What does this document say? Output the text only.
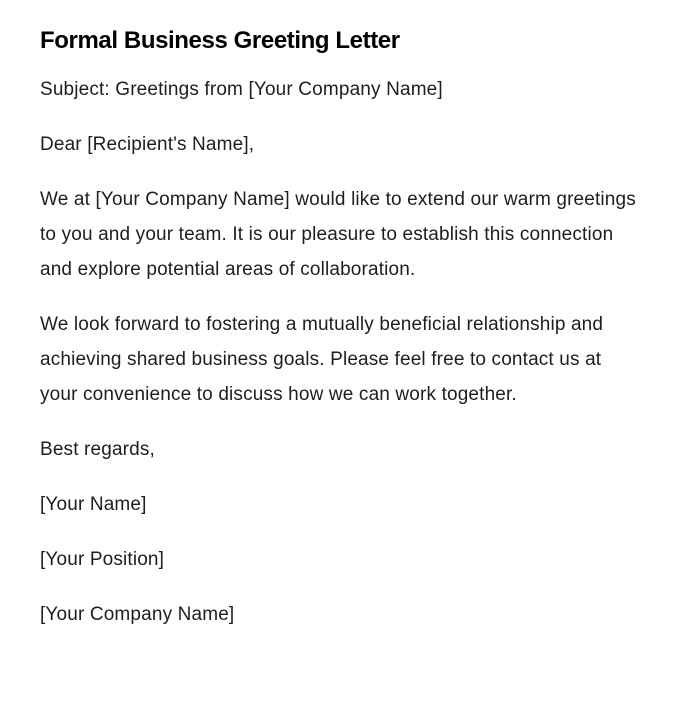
Formal Business Greeting Letter

Subject: Greetings from [Your Company Name]

Dear [Recipient's Name],

We at [Your Company Name] would like to extend our warm greetings to you and your team. It is our pleasure to establish this connection and explore potential areas of collaboration.

We look forward to fostering a mutually beneficial relationship and achieving shared business goals. Please feel free to contact us at your convenience to discuss how we can work together.

Best regards,

[Your Name]

[Your Position]

[Your Company Name]
